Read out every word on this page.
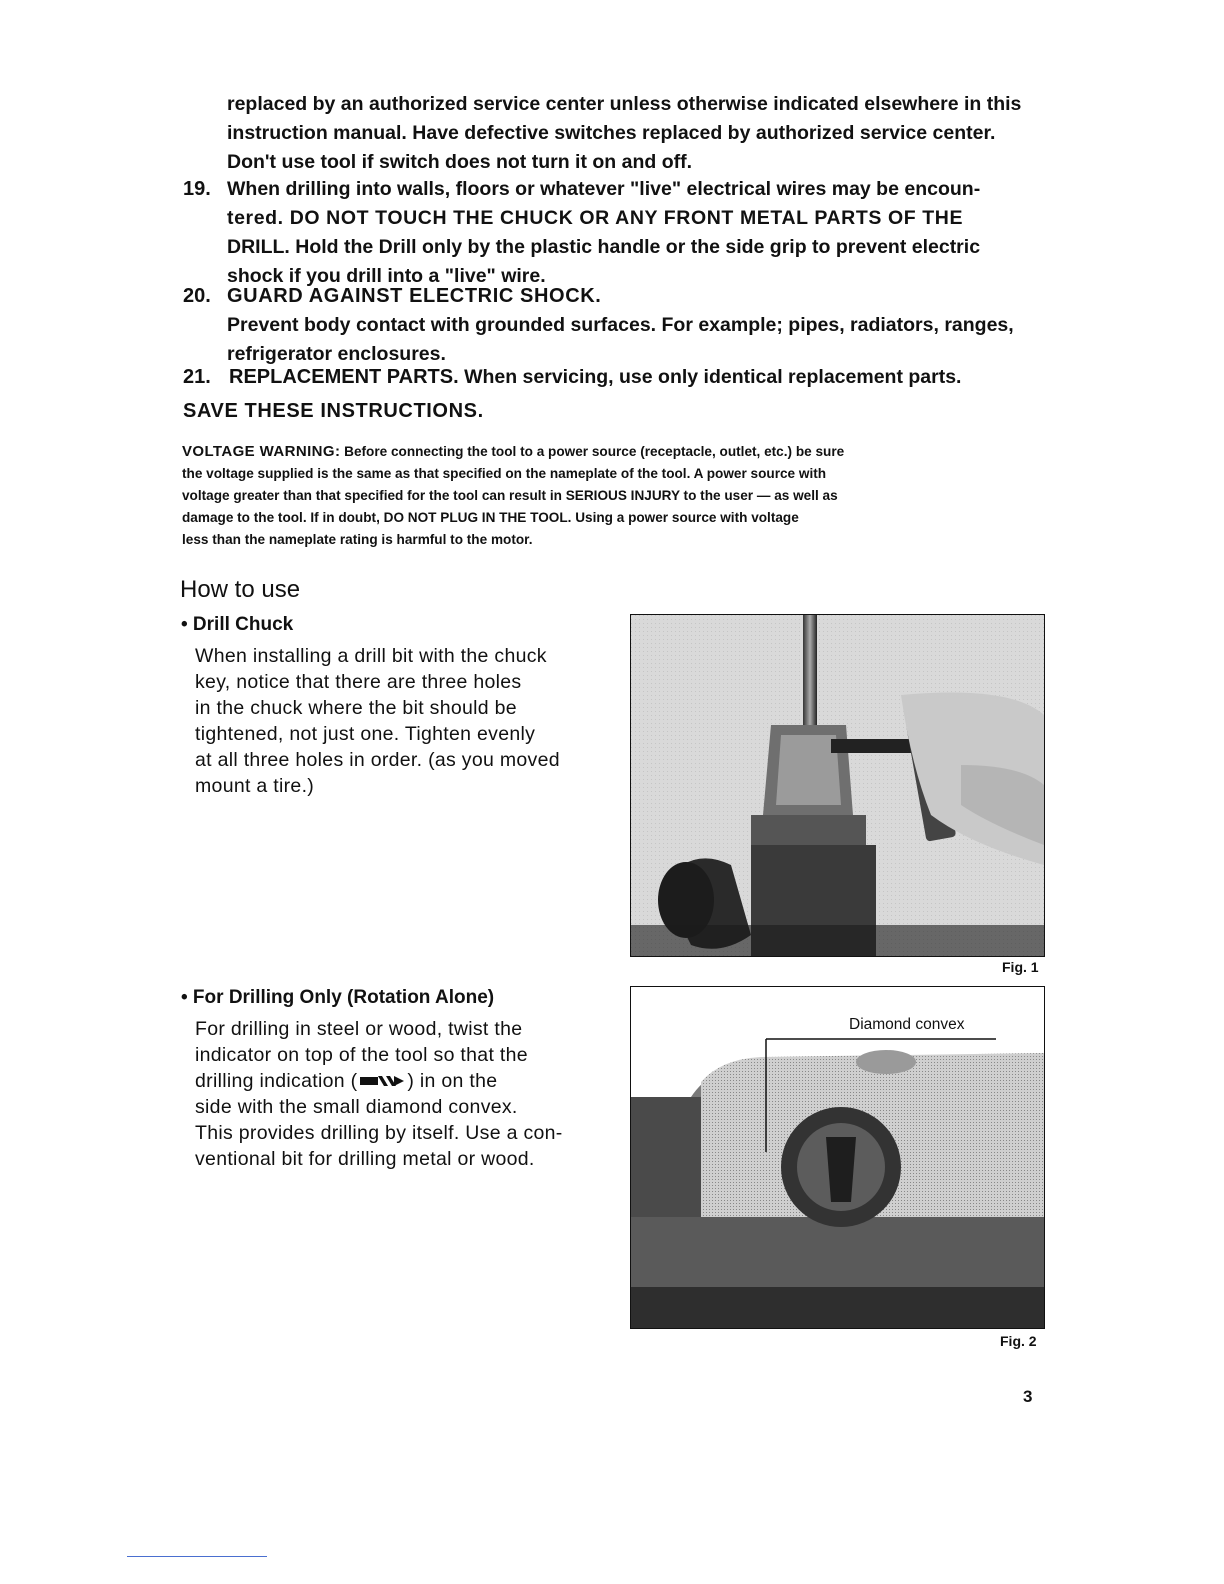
replaced by an authorized service center unless otherwise indicated elsewhere in this
instruction manual. Have defective switches replaced by authorized service center.
Don't use tool if switch does not turn it on and off.
19. When drilling into walls, floors or whatever "live" electrical wires may be encoun-
tered. DO NOT TOUCH THE CHUCK OR ANY FRONT METAL PARTS OF THE
DRILL. Hold the Drill only by the plastic handle or the side grip to prevent electric
shock if you drill into a "live" wire.
20. GUARD AGAINST ELECTRIC SHOCK.
Prevent body contact with grounded surfaces. For example; pipes, radiators, ranges,
refrigerator enclosures.
21. REPLACEMENT PARTS. When servicing, use only identical replacement parts.
SAVE THESE INSTRUCTIONS.
VOLTAGE WARNING: Before connecting the tool to a power source (receptacle, outlet, etc.) be sure
the voltage supplied is the same as that specified on the nameplate of the tool. A power source with
voltage greater than that specified for the tool can result in SERIOUS INJURY to the user — as well as
damage to the tool. If in doubt, DO NOT PLUG IN THE TOOL. Using a power source with voltage
less than the nameplate rating is harmful to the motor.
How to use
• Drill Chuck
When installing a drill bit with the chuck
key, notice that there are three holes
in the chuck where the bit should be
tightened, not just one. Tighten evenly
at all three holes in order. (as you moved
mount a tire.)
• For Drilling Only (Rotation Alone)
For drilling in steel or wood, twist the
indicator on top of the tool so that the
drilling indication (	) in on the
side with the small diamond convex.
This provides drilling by itself. Use a con-
ventional bit for drilling metal or wood.
Fig. 1
Diamond convex
Fig. 2
3
